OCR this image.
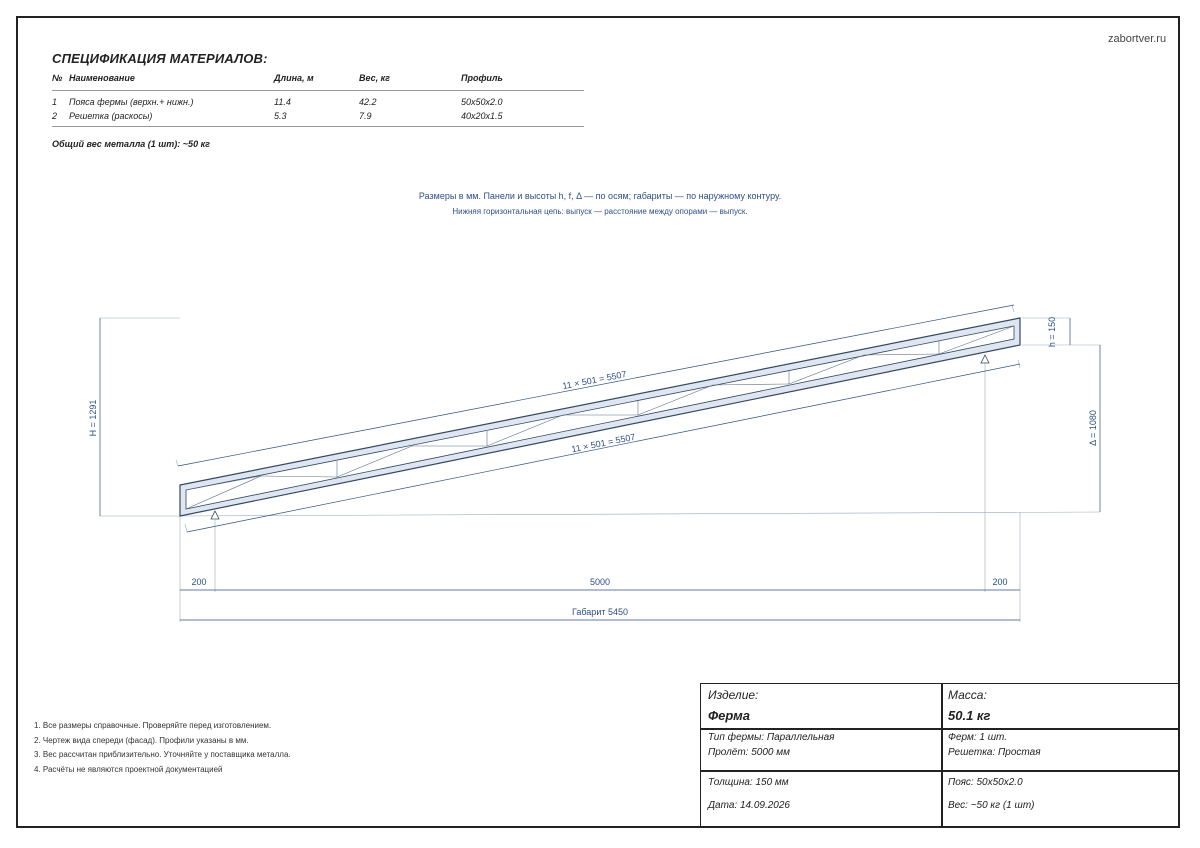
zabortver.ru
СПЕЦИФИКАЦИЯ МАТЕРИАЛОВ:
№ Наименование	Длина, м	Вес, кг	Профиль
1 Пояса фермы (верхн.+ нижн.)	11.4	42.2	50x50x2.0
2 Решетка (раскосы)	5.3	7.9	40x20x1.5
Общий вес металла (1 шт): ~50 кг
Размеры в мм. Панели и высоты h, f, Δ — по осям; габариты — по наружному контуру.
Нижняя горизонтальная цепь: выпуск — расстояние между опорами — выпуск.
11 × 501 = 5507
11 × 501 = 5507
H = 1291
h = 150
Δ = 1080
200	5000	200
Габарит 5450
1. Все размеры справочные. Проверяйте перед изготовлением.
2. Чертеж вида спереди (фасад). Профили указаны в мм.
3. Вес рассчитан приблизительно. Уточняйте у поставщика металла.
4. Расчёты не являются проектной документацией
Изделие:
Ферма
Масса:
50.1 кг
Тип фермы: Параллельная
Пролёт: 5000 мм
Ферм: 1 шт.
Решетка: Простая
Толщина: 150 мм
Дата: 14.09.2026
Пояс: 50x50x2.0
Вес: ~50 кг (1 шт)
